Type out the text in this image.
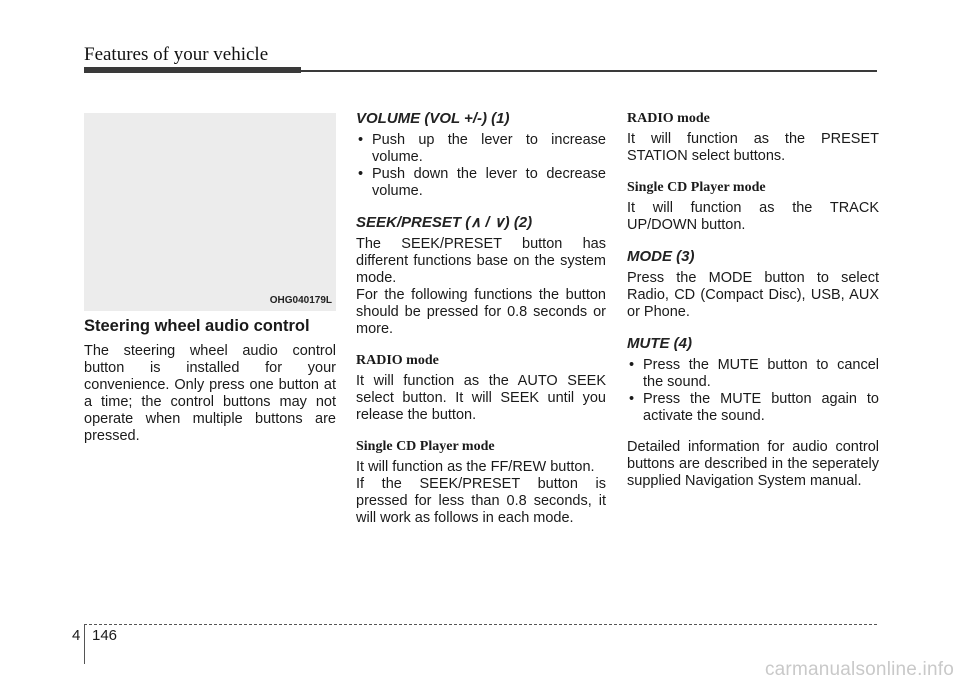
Features of your vehicle
OHG040179L
Steering wheel audio control
The steering wheel audio control button is installed for your convenience. Only press one button at a time; the control buttons may not operate when multiple buttons are pressed.
VOLUME (VOL +/-) (1)
• Push up the lever to increase volume.
• Push down the lever to decrease volume.
SEEK/PRESET (∧ / ∨) (2)
The SEEK/PRESET button has different functions base on the system mode.
For the following functions the button should be pressed for 0.8 seconds or more.
RADIO mode
It will function as the AUTO SEEK select button. It will SEEK until you release the button.
Single CD Player mode
It will function as the FF/REW button.
If the SEEK/PRESET button is pressed for less than 0.8 seconds, it will work as follows in each mode.
RADIO mode
It will function as the PRESET STATION select buttons.
Single CD Player mode
It will function as the TRACK UP/DOWN button.
MODE (3)
Press the MODE button to select Radio, CD (Compact Disc), USB, AUX or Phone.
MUTE (4)
• Press the MUTE button to cancel the sound.
• Press the MUTE button again to activate the sound.
Detailed information for audio control buttons are described in the seperately supplied Navigation System manual.
4 146
carmanualsonline.info
